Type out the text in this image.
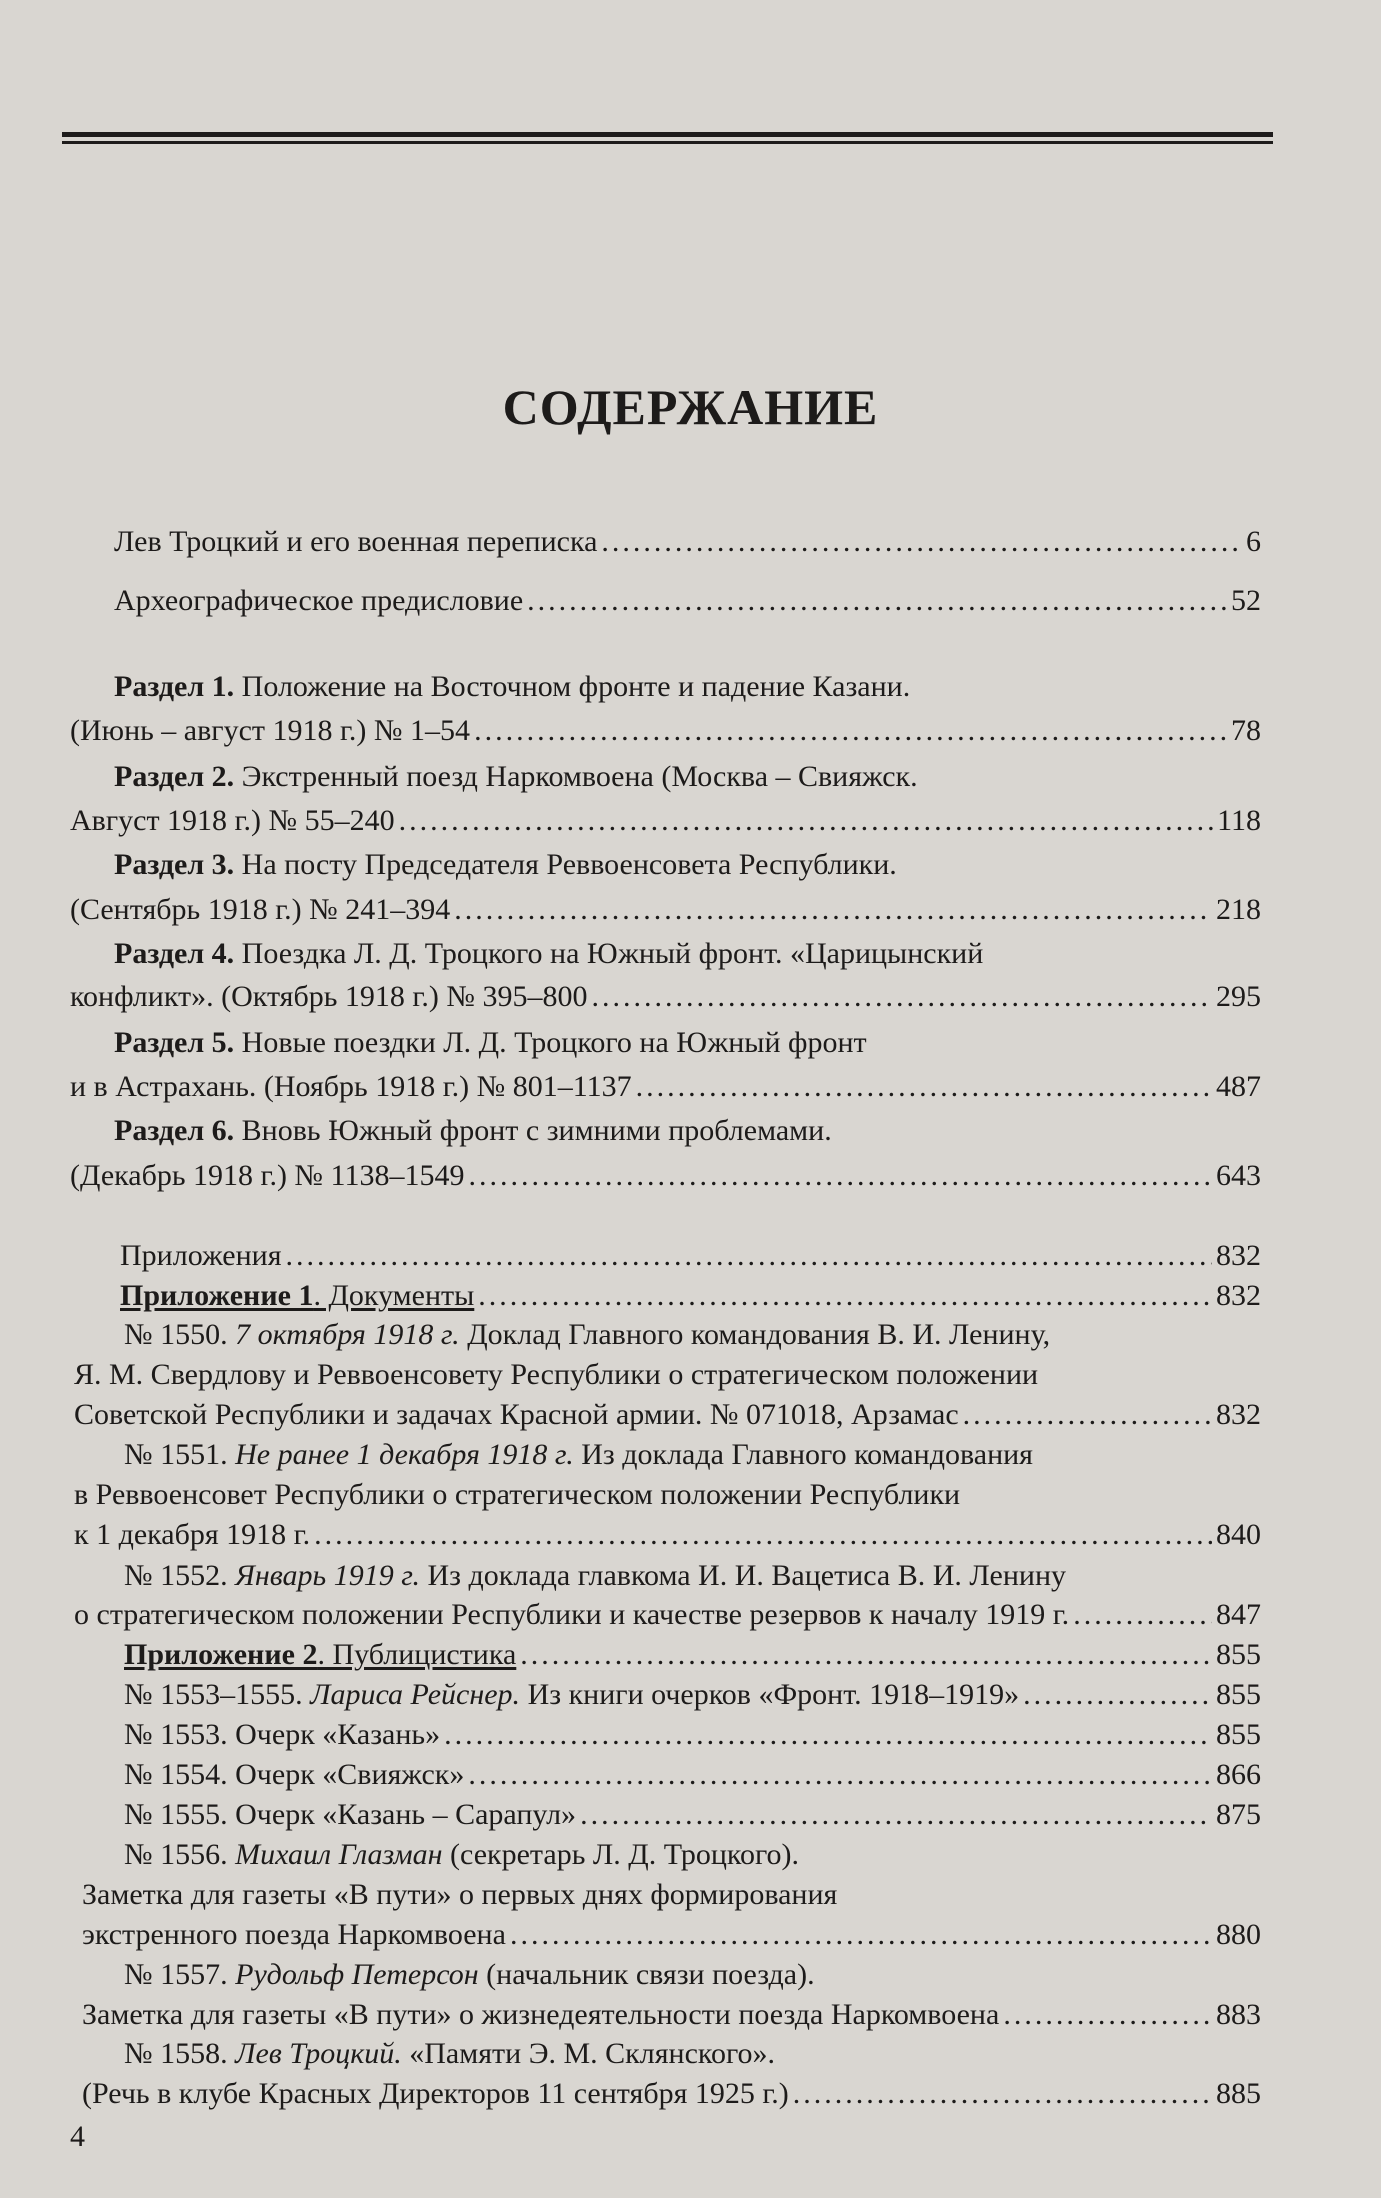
СОДЕРЖАНИЕ
Лев Троцкий и его военная переписка .....	6
Археографическое предисловие .....	52
Раздел 1. Положение на Восточном фронте и падение Казани.
(Июнь – август 1918 г.) № 1–54 .....	78
Раздел 2. Экстренный поезд Наркомвоена (Москва – Свияжск.
Август 1918 г.) № 55–240 .....	118
Раздел 3. На посту Председателя Реввоенсовета Республики.
(Сентябрь 1918 г.) № 241–394 .....	218
Раздел 4. Поездка Л. Д. Троцкого на Южный фронт. «Царицынский
конфликт». (Октябрь 1918 г.) № 395–800 .....	295
Раздел 5. Новые поездки Л. Д. Троцкого на Южный фронт
и в Астрахань. (Ноябрь 1918 г.) № 801–1137 .....	487
Раздел 6. Вновь Южный фронт с зимними проблемами.
(Декабрь 1918 г.) № 1138–1549 .....	643
Приложения .....	832
Приложение 1. Документы .....	832
№ 1550. 7 октября 1918 г. Доклад Главного командования В. И. Ленину,
Я. М. Свердлову и Реввоенсовету Республики о стратегическом положении
Советской Республики и задачах Красной армии. № 071018, Арзамас .....	832
№ 1551. Не ранее 1 декабря 1918 г. Из доклада Главного командования
в Реввоенсовет Республики о стратегическом положении Республики
к 1 декабря 1918 г. .....	840
№ 1552. Январь 1919 г. Из доклада главкома И. И. Вацетиса В. И. Ленину
о стратегическом положении Республики и качестве резервов к началу 1919 г. .....	847
Приложение 2. Публицистика .....	855
№ 1553–1555. Лариса Рейснер. Из книги очерков «Фронт. 1918–1919» .....	855
№ 1553. Очерк «Казань» .....	855
№ 1554. Очерк «Свияжск» .....	866
№ 1555. Очерк «Казань – Сарапул» .....	875
№ 1556. Михаил Глазман (секретарь Л. Д. Троцкого).
Заметка для газеты «В пути» о первых днях формирования
экстренного поезда Наркомвоена .....	880
№ 1557. Рудольф Петерсон (начальник связи поезда).
Заметка для газеты «В пути» о жизнедеятельности поезда Наркомвоена .....	883
№ 1558. Лев Троцкий. «Памяти Э. М. Склянского».
(Речь в клубе Красных Директоров 11 сентября 1925 г.) .....	885
4
